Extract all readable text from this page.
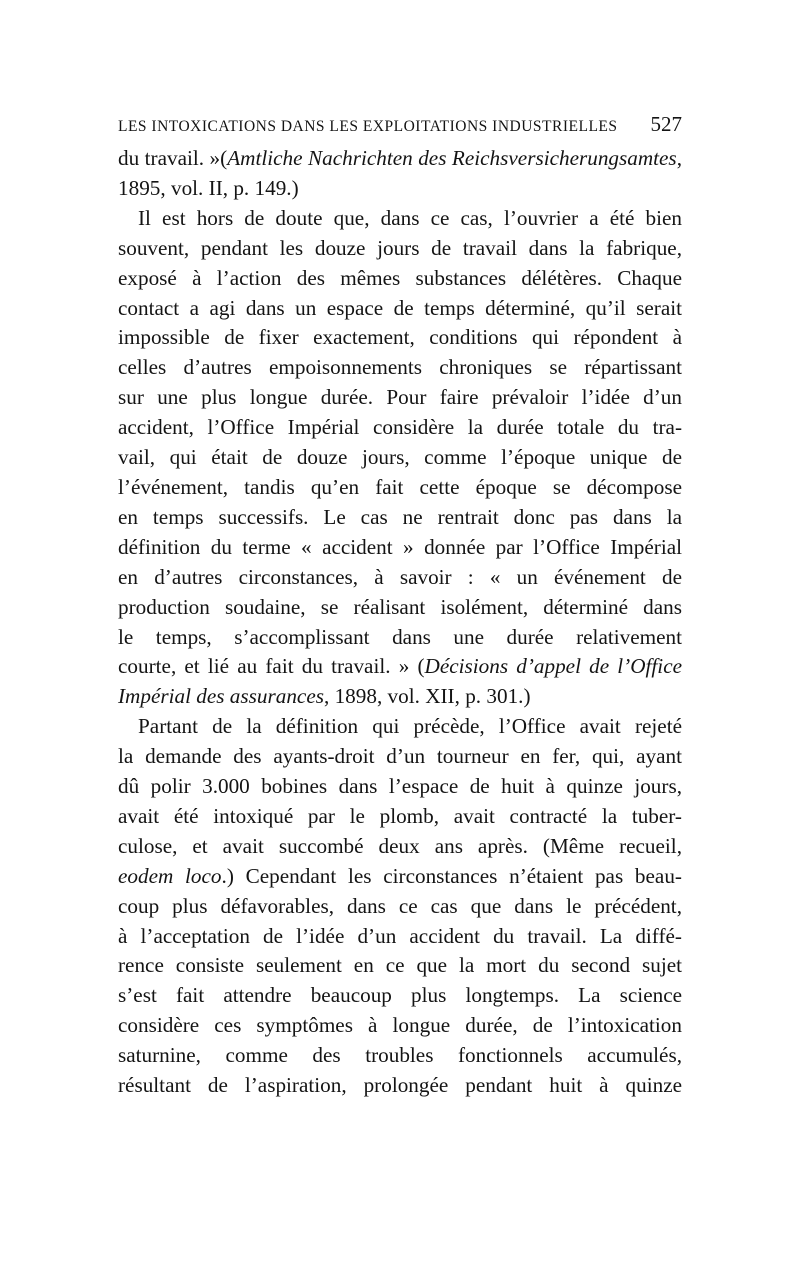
LES INTOXICATIONS DANS LES EXPLOITATIONS INDUSTRIELLES 527

du travail. »(Amtliche Nachrichten des Reichsversicherungsamtes,
1895, vol. II, p. 149.)

Il est hors de doute que, dans ce cas, l’ouvrier a été bien
souvent, pendant les douze jours de travail dans la fabrique,
exposé à l’action des mêmes substances délétères. Chaque
contact a agi dans un espace de temps déterminé, qu’il serait
impossible de fixer exactement, conditions qui répondent à
celles d’autres empoisonnements chroniques se répartissant
sur une plus longue durée. Pour faire prévaloir l’idée d’un
accident, l’Office Impérial considère la durée totale du tra-
vail, qui était de douze jours, comme l’époque unique de
l’événement, tandis qu’en fait cette époque se décompose
en temps successifs. Le cas ne rentrait donc pas dans la
définition du terme « accident » donnée par l’Office Impérial
en d’autres circonstances, à savoir : « un événement de
production soudaine, se réalisant isolément, déterminé dans
le temps, s’accomplissant dans une durée relativement
courte, et lié au fait du travail. » (Décisions d’appel de l’Office
Impérial des assurances, 1898, vol. XII, p. 301.)

Partant de la définition qui précède, l’Office avait rejeté
la demande des ayants-droit d’un tourneur en fer, qui, ayant
dû polir 3.000 bobines dans l’espace de huit à quinze jours,
avait été intoxiqué par le plomb, avait contracté la tuber-
culose, et avait succombé deux ans après. (Même recueil,
eodem loco.) Cependant les circonstances n’étaient pas beau-
coup plus défavorables, dans ce cas que dans le précédent,
à l’acceptation de l’idée d’un accident du travail. La diffé-
rence consiste seulement en ce que la mort du second sujet
s’est fait attendre beaucoup plus longtemps. La science
considère ces symptômes à longue durée, de l’intoxication
saturnine, comme des troubles fonctionnels accumulés,
résultant de l’aspiration, prolongée pendant huit à quinze
